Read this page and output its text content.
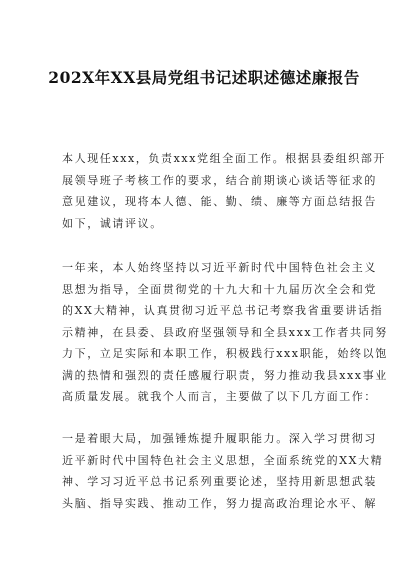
202X年XX县局党组书记述职述德述廉报告
本人现任xxx，负责xxx党组全面工作。根据县委组织部开
展领导班子考核工作的要求，结合前期谈心谈话等征求的
意见建议，现将本人德、能、勤、绩、廉等方面总结报告
如下，诚请评议。
一年来，本人始终坚持以习近平新时代中国特色社会主义
思想为指导，全面贯彻党的十九大和十九届历次全会和党
的XX大精神，认真贯彻习近平总书记考察我省重要讲话指
示精神，在县委、县政府坚强领导和全县xxx工作者共同努
力下，立足实际和本职工作，积极践行xxx职能，始终以饱
满的热情和强烈的责任感履行职责，努力推动我县xxx事业
高质量发展。就我个人而言，主要做了以下几方面工作：
一是着眼大局，加强锤炼提升履职能力。深入学习贯彻习
近平新时代中国特色社会主义思想，全面系统党的XX大精
神、学习习近平总书记系列重要论述，坚持用新思想武装
头脑、指导实践、推动工作，努力提高政治理论水平、解
